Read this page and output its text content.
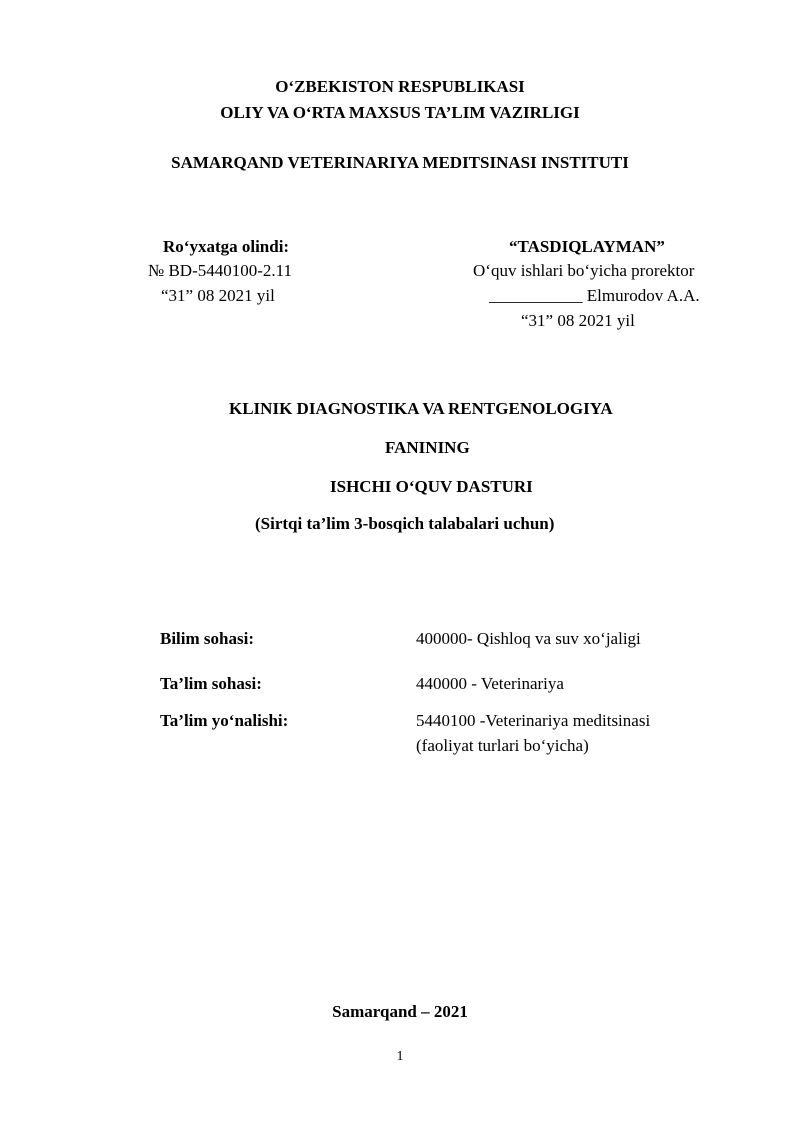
O‘ZBEKISTON RESPUBLIKASI
OLIY VA O‘RTA MAXSUS TA’LIM VAZIRLIGI
SAMARQAND VETERINARIYA MEDITSINASI INSTITUTI
Ro‘yxatga olindi:
№ BD-5440100-2.11
“31” 08 2021 yil
“TASDIQLAYMAN”
O‘quv ishlari bo‘yicha prorektor
___________ Elmurodov A.A.
“31” 08 2021 yil
KLINIK DIAGNOSTIKA VA RENTGENOLOGIYA
FANINING
ISHCHI O‘QUV DASTURI
(Sirtqi ta’lim 3-bosqich talabalari uchun)
Bilim sohasi:	400000- Qishloq va suv xo‘jaligi
Ta’lim sohasi:	440000 - Veterinariya
Ta’lim yo‘nalishi:	5440100 -Veterinariya meditsinasi
(faoliyat turlari bo‘yicha)
Samarqand – 2021
1
